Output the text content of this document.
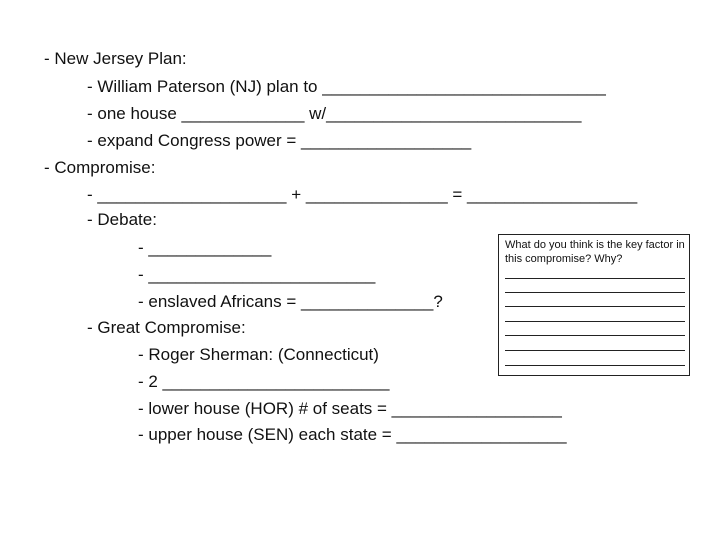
- New Jersey Plan:
- William Paterson (NJ) plan to ______________________________
- one house _____________ w/___________________________
- expand Congress power = __________________
- Compromise:
- ____________________ + _______________ = __________________
- Debate:
- _____________
- ________________________
- enslaved Africans = ______________?
- Great Compromise:
- Roger Sherman: (Connecticut)
- 2 ________________________
- lower house (HOR) # of seats = __________________
- upper house (SEN) each state = __________________
What do you think is the key factor in this compromise? Why?
